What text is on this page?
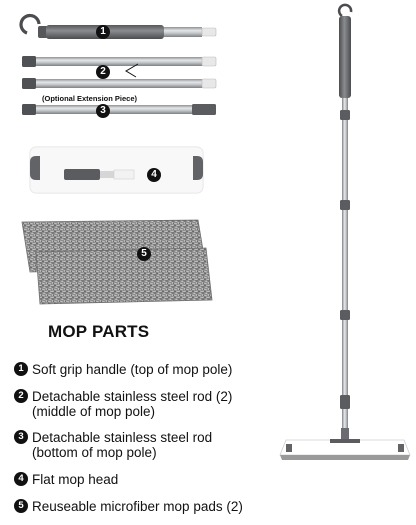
1
2
3
4
5
(Optional Extension Piece)
MOP PARTS
1 Soft grip handle (top of mop pole)
2 Detachable stainless steel rod (2)
(middle of mop pole)
3 Detachable stainless steel rod
(bottom of mop pole)
4 Flat mop head
5 Reuseable microfiber mop pads (2)
